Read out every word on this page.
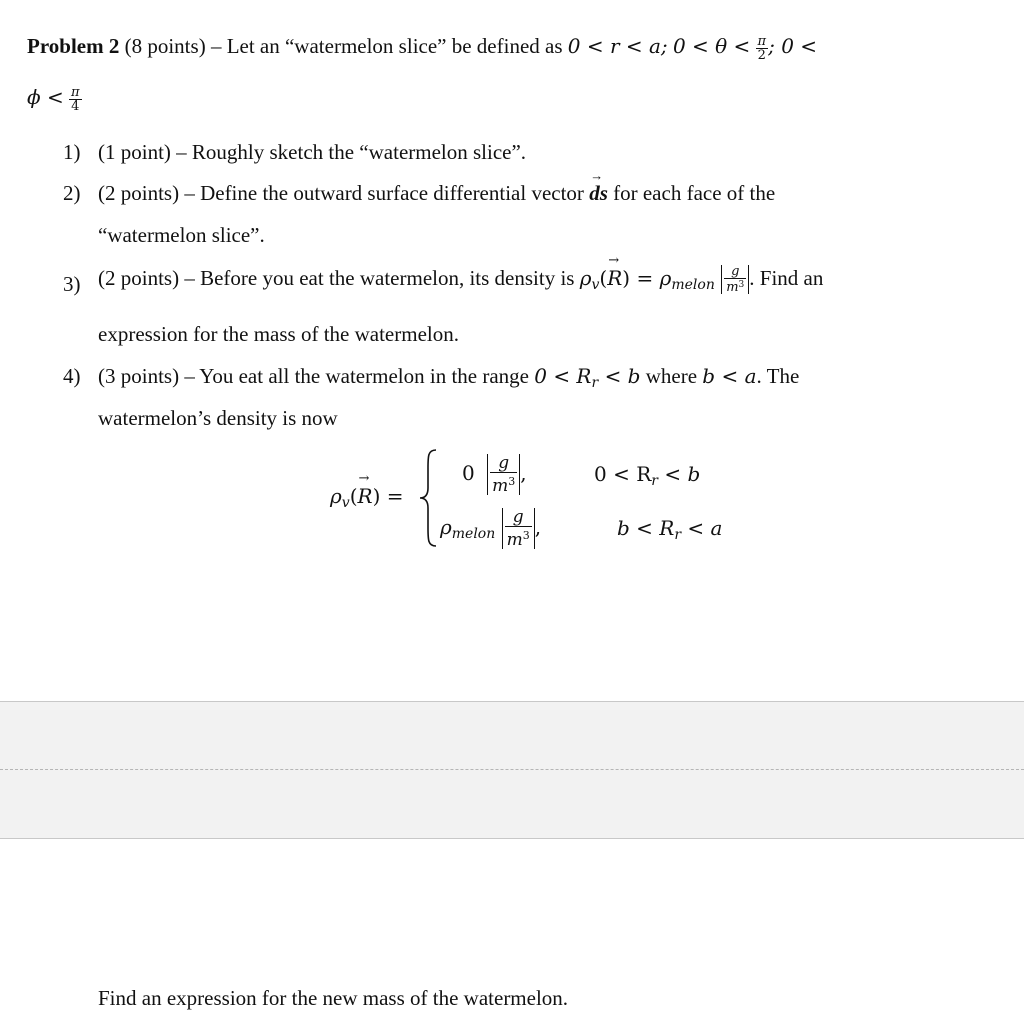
Problem 2 (8 points) – Let an “watermelon slice” be defined as 0 < r < a; $0 < \theta < \frac{\pi}{2}$ ; 0 <
$\phi < \frac{\pi}{4}$
1) (1 point) – Roughly sketch the “watermelon slice”.
2) (2 points) – Define the outward surface differential vector → ds for each face of the
“watermelon slice”.
3) (2 points) – Before you eat the watermelon, its density is $\rho_v(\to R) = \rho_{melon} \frac{g}{m^3}$ . Find an
expression for the mass of the watermelon.
4) (3 points) – You eat all the watermelon in the range $0 < R_r < b$ where b < a. The
watermelon’s density is now
$\rho_v(\to R)$ =
$0 \frac{g}{m^3}$ ,	$0 < R_r < b$
$\rho_{melon} \frac{g}{m^3}$ ,	$b < R_r < a$
Find an expression for the new mass of the watermelon.
